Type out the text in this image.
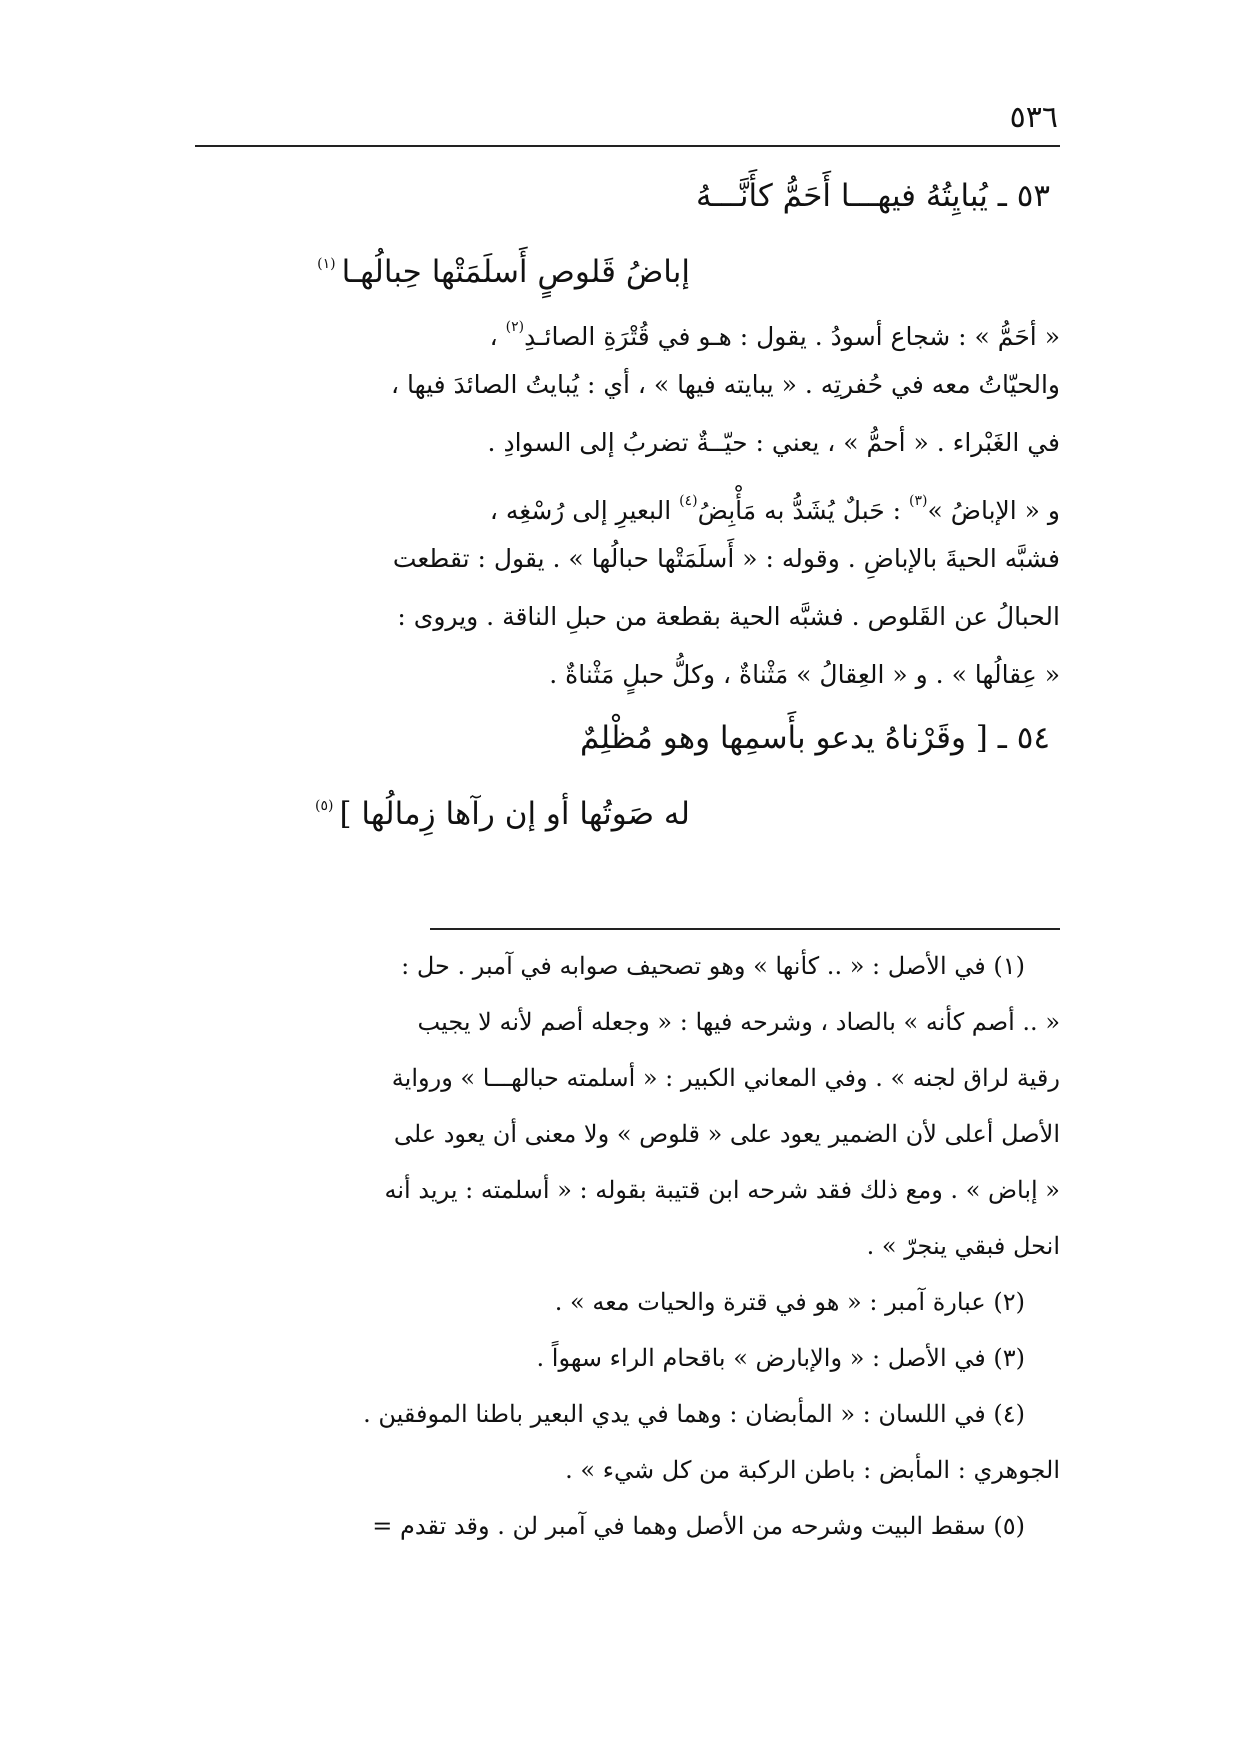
٥٣٦
٥٣ ـ يُبايِتُهُ فيهـــا أَحَمُّ كأَنَّـــهُ
إباضُ قَلوصٍ أَسلَمَتْها حِبالُهـا$^{(١)}$
« أحَمُّ » : شجاع أسودُ . يقول : هـو في قُتْرَةِ الصائـدِ$^{(٢)}$ ،
والحيّاتُ معه في حُفرتِه . « يبايته فيها » ، أي : يُبايتُ الصائدَ فيها ،
في الغَبْراء . « أحمُّ » ، يعني : حيّــةٌ تضربُ إلى السوادِ .
و « الإباضُ »$^{(٣)}$ : حَبلٌ يُشَدُّ به مَأْبِضُ$^{(٤)}$ البعيرِ إلى رُسْغِه ،
فشبَّه الحيةَ بالإباضِ . وقوله : « أَسلَمَتْها حبالُها » . يقول : تقطعت
الحبالُ عن القَلوص . فشبَّه الحية بقطعة من حبلِ الناقة . ويروى :
« عِقالُها » . و « العِقالُ » مَثْناةٌ ، وكلُّ حبلٍ مَثْناةٌ .
٥٤ ـ [ وقَرْناهُ يدعو بأَسمِها وهو مُظْلِمٌ
له صَوتُها أو إن رآها زِمالُها ]$^{(٥)}$
(١) في الأصل : « .. كأنها » وهو تصحيف صوابه في آمبر . حل :
« .. أصم كأنه » بالصاد ، وشرحه فيها : « وجعله أصم لأنه لا يجيب
رقية لراق لجنه » . وفي المعاني الكبير : « أسلمته حبالهـــا » ورواية
الأصل أعلى لأن الضمير يعود على « قلوص » ولا معنى أن يعود على
« إباض » . ومع ذلك فقد شرحه ابن قتيبة بقوله : « أسلمته : يريد أنه
انحل فبقي ينجرّ » .
(٢) عبارة آمبر : « هو في قترة والحيات معه » .
(٣) في الأصل : « والإبارض » باقحام الراء سهواً .
(٤) في اللسان : « المأبضان : وهما في يدي البعير باطنا الموفقين .
الجوهري : المأبض : باطن الركبة من كل شيء » .
(٥) سقط البيت وشرحه من الأصل وهما في آمبر لن . وقد تقدم =
